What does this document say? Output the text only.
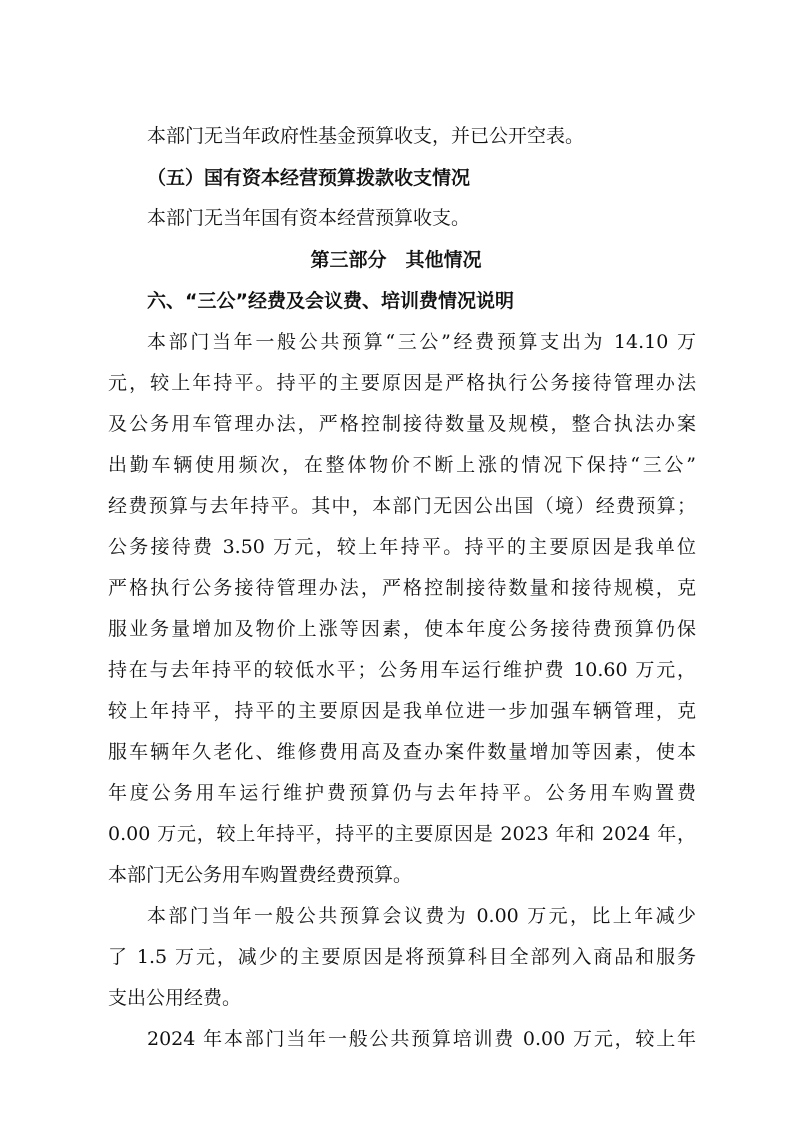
本部门无当年政府性基金预算收支，并已公开空表。
（五）国有资本经营预算拨款收支情况
本部门无当年国有资本经营预算收支。
第三部分　其他情况
六、“三公”经费及会议费、培训费情况说明
本部门当年一般公共预算“三公”经费预算支出为 14.10 万
元，较上年持平。持平的主要原因是严格执行公务接待管理办法
及公务用车管理办法，严格控制接待数量及规模，整合执法办案
出勤车辆使用频次，在整体物价不断上涨的情况下保持“三公”
经费预算与去年持平。其中，本部门无因公出国（境）经费预算；
公务接待费 3.50 万元，较上年持平。持平的主要原因是我单位
严格执行公务接待管理办法，严格控制接待数量和接待规模，克
服业务量增加及物价上涨等因素，使本年度公务接待费预算仍保
持在与去年持平的较低水平；公务用车运行维护费 10.60 万元，
较上年持平，持平的主要原因是我单位进一步加强车辆管理，克
服车辆年久老化、维修费用高及查办案件数量增加等因素，使本
年度公务用车运行维护费预算仍与去年持平。公务用车购置费
0.00 万元，较上年持平，持平的主要原因是 2023 年和 2024 年，
本部门无公务用车购置费经费预算。
本部门当年一般公共预算会议费为 0.00 万元，比上年减少
了 1.5 万元，减少的主要原因是将预算科目全部列入商品和服务
支出公用经费。
2024 年本部门当年一般公共预算培训费 0.00 万元，较上年
